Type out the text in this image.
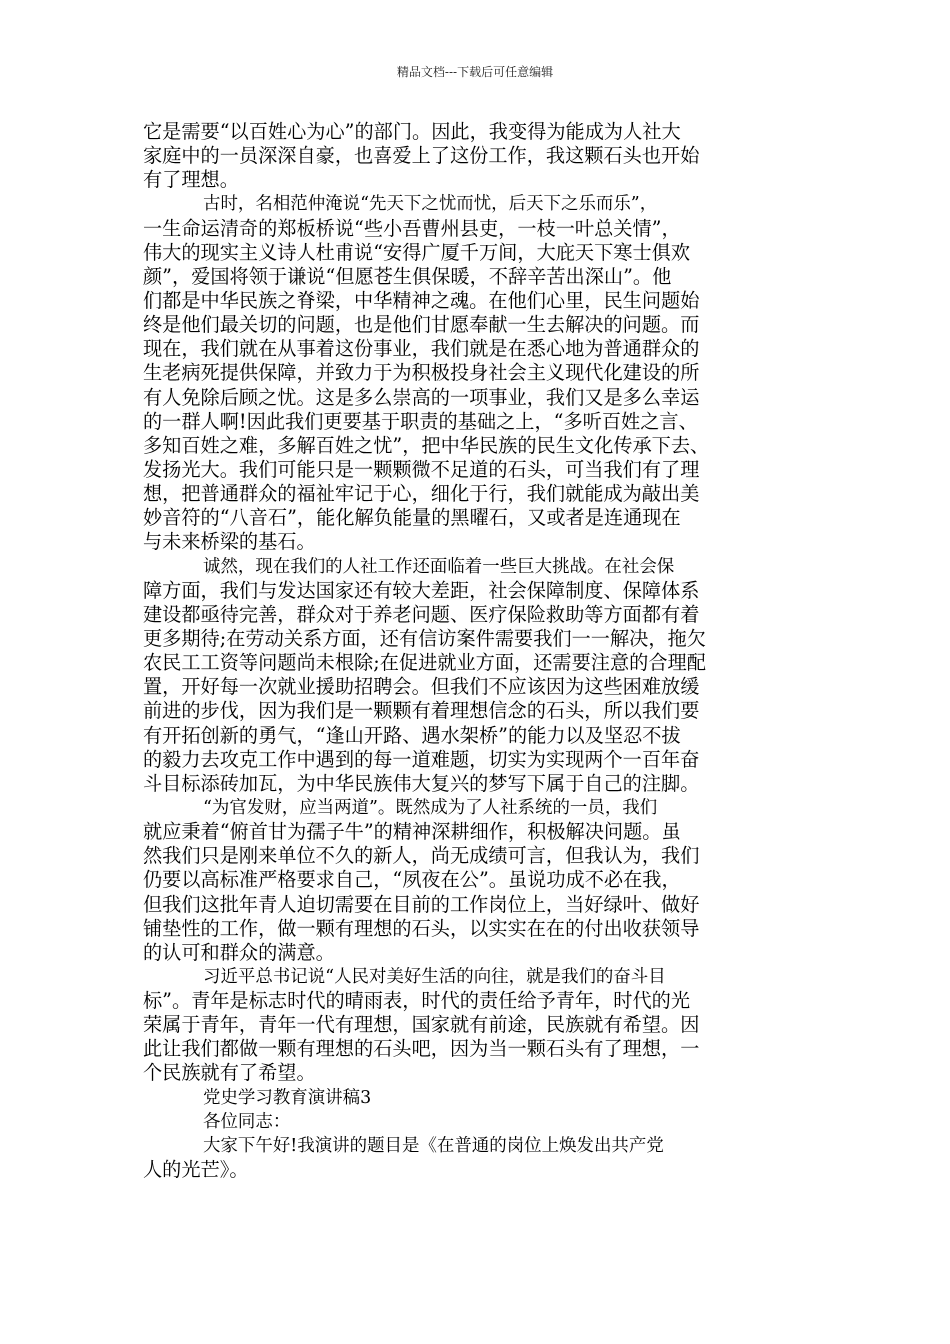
精品文档---下载后可任意编辑
它是需要“以百姓心为心”的部门。因此，我变得为能成为人社大
家庭中的一员深深自豪，也喜爱上了这份工作，我这颗石头也开始
有了理想。
古时，名相范仲淹说“先天下之忧而忧，后天下之乐而乐”，
一生命运清奇的郑板桥说“些小吾曹州县吏，一枝一叶总关情”，
伟大的现实主义诗人杜甫说“安得广厦千万间，大庇天下寒士俱欢
颜”，爱国将领于谦说“但愿苍生俱保暖，不辞辛苦出深山”。他
们都是中华民族之脊梁，中华精神之魂。在他们心里，民生问题始
终是他们最关切的问题，也是他们甘愿奉献一生去解决的问题。而
现在，我们就在从事着这份事业，我们就是在悉心地为普通群众的
生老病死提供保障，并致力于为积极投身社会主义现代化建设的所
有人免除后顾之忧。这是多么崇高的一项事业，我们又是多么幸运
的一群人啊!因此我们更要基于职责的基础之上，“多听百姓之言、
多知百姓之难，多解百姓之忧”，把中华民族的民生文化传承下去、
发扬光大。我们可能只是一颗颗微不足道的石头，可当我们有了理
想，把普通群众的福祉牢记于心，细化于行，我们就能成为敲出美
妙音符的“八音石”，能化解负能量的黑曜石，又或者是连通现在
与未来桥梁的基石。
诚然，现在我们的人社工作还面临着一些巨大挑战。在社会保
障方面，我们与发达国家还有较大差距，社会保障制度、保障体系
建设都亟待完善，群众对于养老问题、医疗保险救助等方面都有着
更多期待;在劳动关系方面，还有信访案件需要我们一一解决，拖欠
农民工工资等问题尚未根除;在促进就业方面，还需要注意的合理配
置，开好每一次就业援助招聘会。但我们不应该因为这些困难放缓
前进的步伐，因为我们是一颗颗有着理想信念的石头，所以我们要
有开拓创新的勇气，“逢山开路、遇水架桥”的能力以及坚忍不拔
的毅力去攻克工作中遇到的每一道难题，切实为实现两个一百年奋
斗目标添砖加瓦，为中华民族伟大复兴的梦写下属于自己的注脚。
“为官发财，应当两道”。既然成为了人社系统的一员，我们
就应秉着“俯首甘为孺子牛”的精神深耕细作，积极解决问题。虽
然我们只是刚来单位不久的新人，尚无成绩可言，但我认为，我们
仍要以高标准严格要求自己，“夙夜在公”。虽说功成不必在我，
但我们这批年青人迫切需要在目前的工作岗位上，当好绿叶、做好
铺垫性的工作，做一颗有理想的石头，以实实在在的付出收获领导
的认可和群众的满意。
习近平总书记说“人民对美好生活的向往，就是我们的奋斗目
标”。青年是标志时代的晴雨表，时代的责任给予青年，时代的光
荣属于青年，青年一代有理想，国家就有前途，民族就有希望。因
此让我们都做一颗有理想的石头吧，因为当一颗石头有了理想，一
个民族就有了希望。
党史学习教育演讲稿3
各位同志：
大家下午好!我演讲的题目是《在普通的岗位上焕发出共产党
人的光芒》。
